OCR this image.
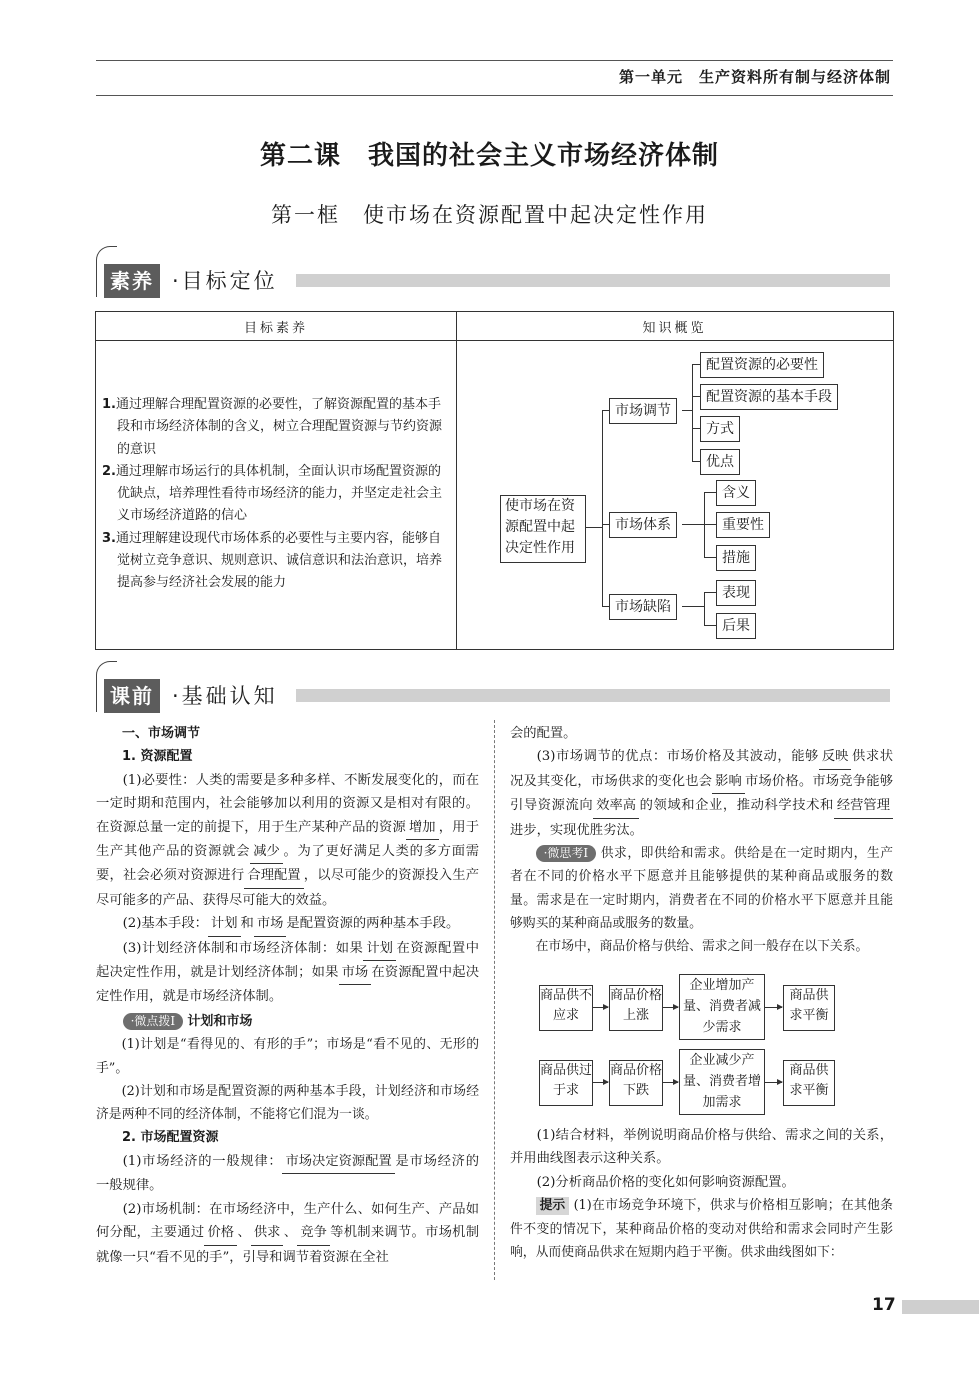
第一单元　生产资料所有制与经济体制
第二课　我国的社会主义市场经济体制
第一框　使市场在资源配置中起决定性作用
素养 ·目标定位
目标素养	知识概览

1.通过理解合理配置资源的必要性，了解资源配置的基本手段和市场经济体制的含义，树立合理配置资源与节约资源的意识

2.通过理解市场运行的具体机制，全面认识市场配置资源的优缺点，培养理性看待市场经济的能力，并坚定走社会主义市场经济道路的信心

3.通过理解建设现代市场体系的必要性与主要内容，能够自觉树立竞争意识、规则意识、诚信意识和法治意识，培养提高参与经济社会发展的能力

使市场在资源配置中起决定性作用
市场调节
市场体系
市场缺陷
配置资源的必要性
配置资源的基本手段
方式
优点
含义
重要性
措施
表现
后果
课前 ·基础认知

一、市场调节

1. 资源配置

(1)必要性：人类的需要是多种多样、不断发展变化的，而在一定时期和范围内，社会能够加以利用的资源又是相对有限的。在资源总量一定的前提下，用于生产某种产品的资源 增加 ，用于生产其他产品的资源就会 减少 。为了更好满足人类的多方面需要，社会必须对资源进行 合理配置 ，以尽可能少的资源投入生产尽可能多的产品、获得尽可能大的效益。

(2)基本手段： 计划 和 市场 是配置资源的两种基本手段。

(3)计划经济体制和市场经济体制：如果 计划 在资源配置中起决定性作用，就是计划经济体制；如果 市场 在资源配置中起决定性作用，就是市场经济体制。

·微点拨Ⅰ 计划和市场

(1)计划是“看得见的、有形的手”；市场是“看不见的、无形的手”。

(2)计划和市场是配置资源的两种基本手段，计划经济和市场经济是两种不同的经济体制，不能将它们混为一谈。

2. 市场配置资源

(1)市场经济的一般规律： 市场决定资源配置 是市场经济的一般规律。

(2)市场机制：在市场经济中，生产什么、如何生产、产品如何分配，主要通过 价格 、 供求 、 竞争 等机制来调节。市场机制就像一只“看不见的手”，引导和调节着资源在全社

会的配置。

(3)市场调节的优点：市场价格及其波动，能够 反映 供求状况及其变化，市场供求的变化也会 影响 市场价格。市场竞争能够引导资源流向 效率高 的领域和企业，推动科学技术和 经营管理进步，实现优胜劣汰。

·微思考Ⅰ 供求，即供给和需求。供给是在一定时期内，生产者在不同的价格水平下愿意并且能够提供的某种商品或服务的数量。需求是在一定时期内，消费者在不同的价格水平下愿意并且能够购买的某种商品或服务的数量。

在市场中，商品价格与供给、需求之间一般存在以下关系。

商品供不应求
商品价格上涨
企业增加产量、消费者减少需求
商品供求平衡
商品供过于求
商品价格下跌
企业减少产量、消费者增加需求
商品供求平衡

(1)结合材料，举例说明商品价格与供给、需求之间的关系，并用曲线图表示这种关系。

(2)分析商品价格的变化如何影响资源配置。

提示 (1)在市场竞争环境下，供求与价格相互影响；在其他条件不变的情况下，某种商品价格的变动对供给和需求会同时产生影响，从而使商品供求在短期内趋于平衡。供求曲线图如下：

17
